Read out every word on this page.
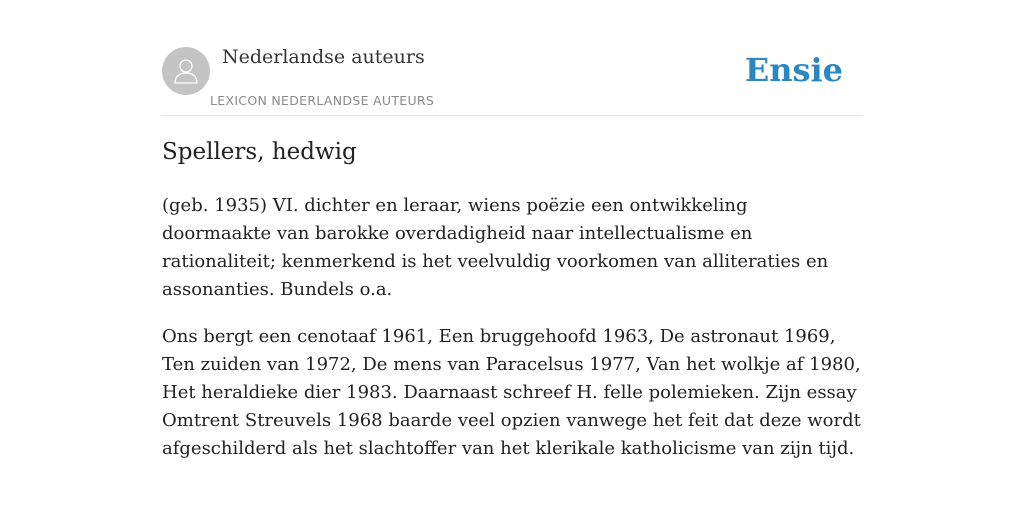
Nederlandse auteurs
LEXICON NEDERLANDSE AUTEURS
Ensie
Spellers, hedwig

(geb. 1935) VI. dichter en leraar, wiens poëzie een ontwikkeling doormaakte van barokke overdadigheid naar intellectualisme en rationaliteit; kenmerkend is het veelvuldig voorkomen van alliteraties en assonanties. Bundels o.a.

Ons bergt een cenotaaf 1961, Een bruggehoofd 1963, De astronaut 1969, Ten zuiden van 1972, De mens van Paracelsus 1977, Van het wolkje af 1980, Het heraldieke dier 1983. Daarnaast schreef H. felle polemieken. Zijn essay Omtrent Streuvels 1968 baarde veel opzien vanwege het feit dat deze wordt afgeschilderd als het slachtoffer van het klerikale katholicisme van zijn tijd.
